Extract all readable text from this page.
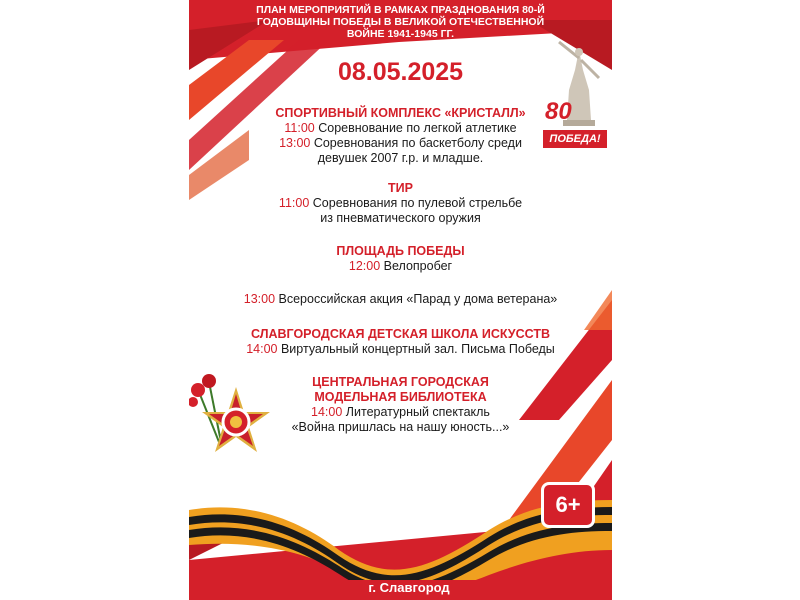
ПЛАН МЕРОПРИЯТИЙ В РАМКАХ ПРАЗДНОВАНИЯ 80-Й
ГОДОВЩИНЫ ПОБЕДЫ В ВЕЛИКОЙ ОТЕЧЕСТВЕННОЙ
ВОЙНЕ 1941-1945 ГГ.
08.05.2025
80
ПОБЕДА!
СПОРТИВНЫЙ КОМПЛЕКС «КРИСТАЛЛ»
11:00 Соревнование по легкой атлетике
13:00 Соревнования по баскетболу среди
девушек 2007 г.р. и младше.
ТИР
11:00 Соревнования по пулевой стрельбе
из пневматического оружия
ПЛОЩАДЬ ПОБЕДЫ
12:00 Велопробег
13:00 Всероссийская акция «Парад у дома ветерана»
СЛАВГОРОДСКАЯ ДЕТСКАЯ ШКОЛА ИСКУССТВ
14:00 Виртуальный концертный зал. Письма Победы
ЦЕНТРАЛЬНАЯ ГОРОДСКАЯ
МОДЕЛЬНАЯ БИБЛИОТЕКА
14:00 Литературный спектакль
«Война пришлась на нашу юность...»
6+
г. Славгород
